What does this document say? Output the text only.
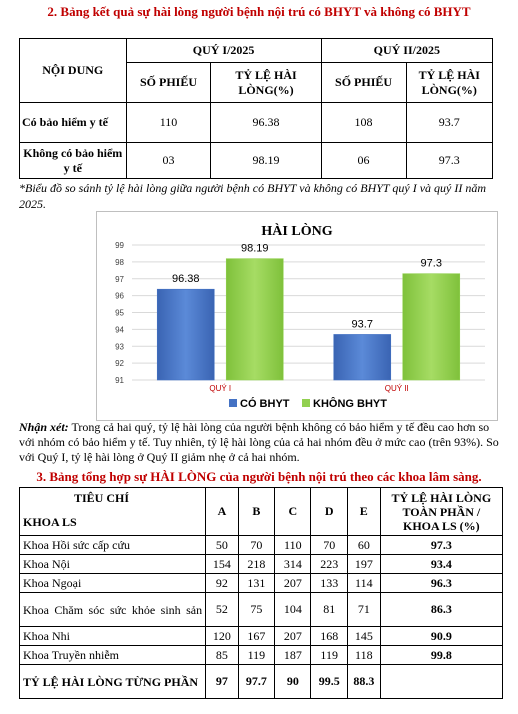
2. Bảng kết quả sự hài lòng người bệnh nội trú có BHYT và không có BHYT
NỘI DUNG	QUÝ I/2025		QUÝ II/2025	
	SỐ PHIẾU	TỶ LỆ HÀI LÒNG(%)	SỐ PHIẾU	TỶ LỆ HÀI LÒNG(%)
Có bảo hiểm y tế	110	96.38	108	93.7
Không có bảo hiểm y tế	03	98.19	06	97.3
*Biểu đồ so sánh tỷ lệ hài lòng giữa người bệnh có BHYT và không có BHYT quý I và quý II năm 2025.
HÀI LÒNG
91
92
93
94
95
96
97
98
99
96.38
98.19
QUÝ I
93.7
97.3
QUÝ II
CÓ BHYT KHÔNG BHYT
Nhận xét: Trong cả hai quý, tỷ lệ hài lòng của người bệnh không có bảo hiểm y tế đều cao hơn so với nhóm có bảo hiểm y tế. Tuy nhiên, tỷ lệ hài lòng của cả hai nhóm đều ở mức cao (trên 93%). So với Quý I, tỷ lệ hài lòng ở Quý II giảm nhẹ ở cả hai nhóm.
3. Bảng tổng hợp sự HÀI LÒNG của người bệnh nội trú theo các khoa lâm sàng.
TIÊU CHÍ	A	B	C	D	E	TỶ LỆ HÀI LÒNG TOÀN PHẦN / KHOA LS (%)
KHOA LS						
Khoa Hồi sức cấp cứu	50	70	110	70	60	97.3
Khoa Nội	154	218	314	223	197	93.4
Khoa Ngoại	92	131	207	133	114	96.3
Khoa Chăm sóc sức khỏe sinh sản	52	75	104	81	71	86.3
Khoa Nhi	120	167	207	168	145	90.9
Khoa Truyền nhiễm	85	119	187	119	118	99.8
TỶ LỆ HÀI LÒNG TỪNG PHẦN	97	97.7	90	99.5	88.3	
